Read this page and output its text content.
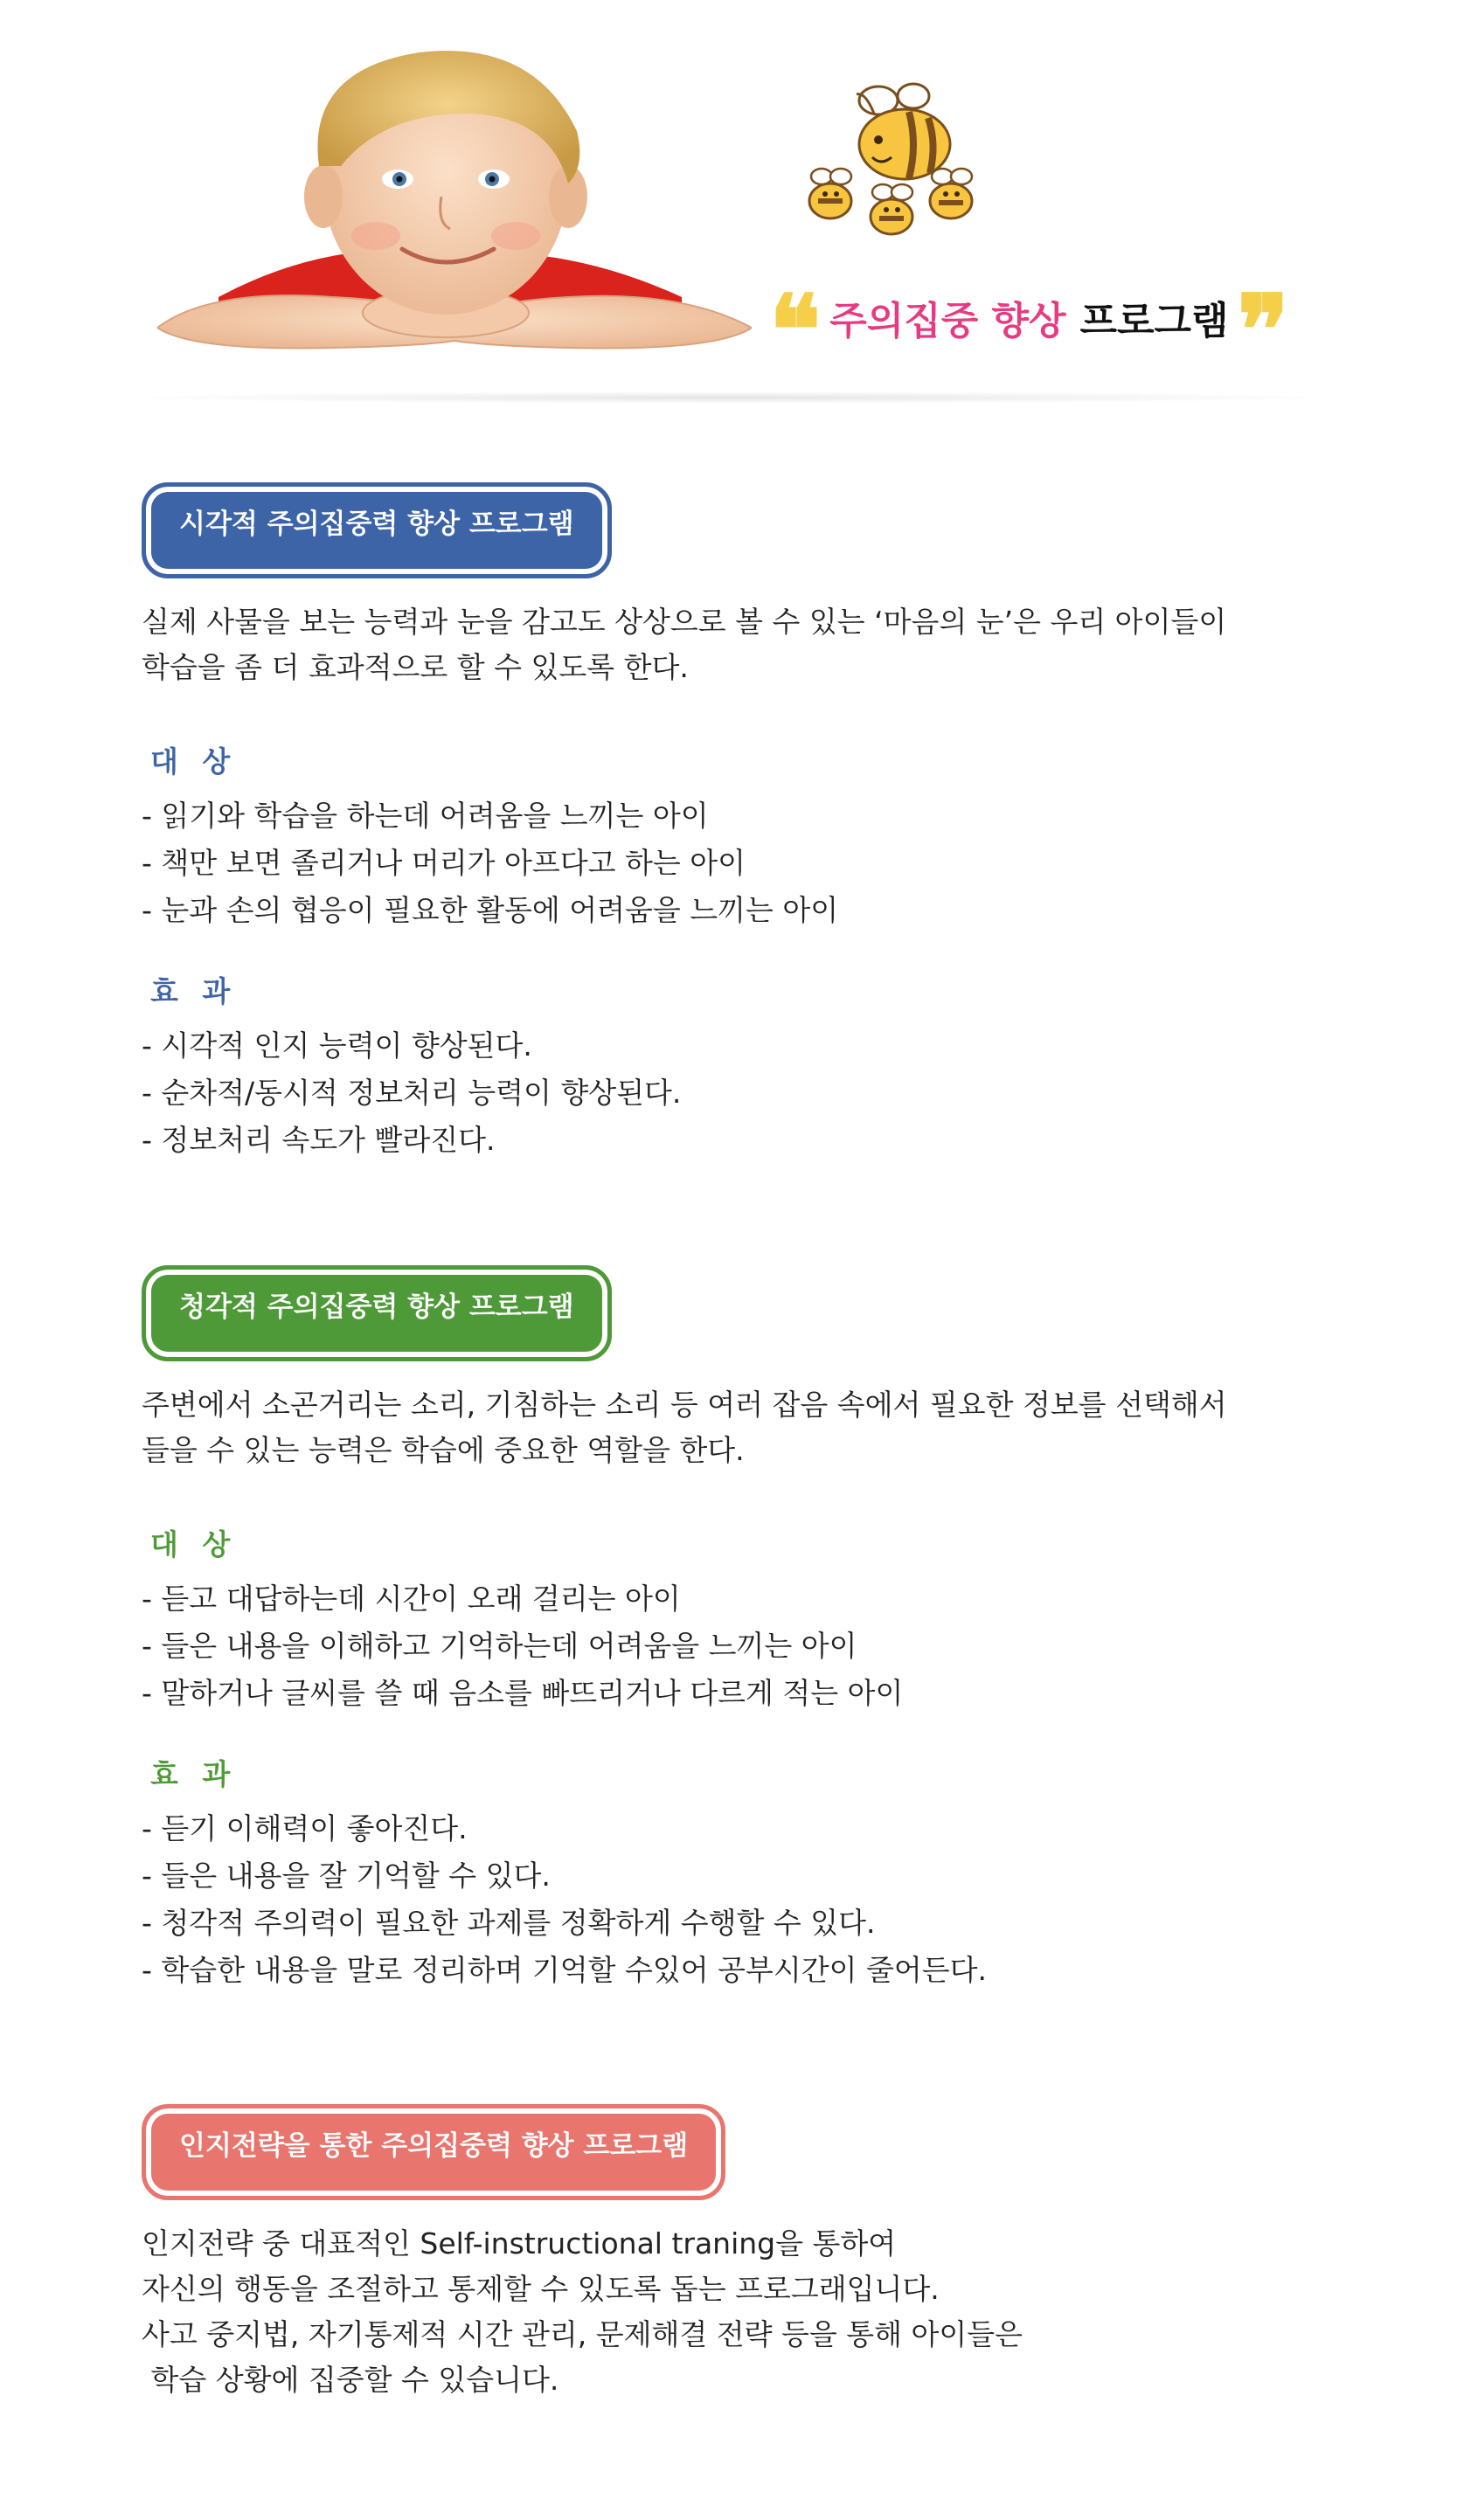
❝ 주의집중 향상 프로그램 ❞
시각적 주의집중력 향상 프로그램

실제 사물을 보는 능력과 눈을 감고도 상상으로 볼 수 있는 ‘마음의 눈’은 우리 아이들이

학습을 좀 더 효과적으로 할 수 있도록 한다.

대 상
- 읽기와 학습을 하는데 어려움을 느끼는 아이
- 책만 보면 졸리거나 머리가 아프다고 하는 아이
- 눈과 손의 협응이 필요한 활동에 어려움을 느끼는 아이
효 과
- 시각적 인지 능력이 향상된다.
- 순차적/동시적 정보처리 능력이 향상된다.
- 정보처리 속도가 빨라진다.
청각적 주의집중력 향상 프로그램

주변에서 소곤거리는 소리, 기침하는 소리 등 여러 잡음 속에서 필요한 정보를 선택해서

들을 수 있는 능력은 학습에 중요한 역할을 한다.

대 상
- 듣고 대답하는데 시간이 오래 걸리는 아이
- 들은 내용을 이해하고 기억하는데 어려움을 느끼는 아이
- 말하거나 글씨를 쓸 때 음소를 빠뜨리거나 다르게 적는 아이
효 과
- 듣기 이해력이 좋아진다.
- 들은 내용을 잘 기억할 수 있다.
- 청각적 주의력이 필요한 과제를 정확하게 수행할 수 있다.
- 학습한 내용을 말로 정리하며 기억할 수있어 공부시간이 줄어든다.
인지전략을 통한 주의집중력 향상 프로그램

인지전략 중 대표적인 Self-instructional traning을 통하여

자신의 행동을 조절하고 통제할 수 있도록 돕는 프로그래입니다.

사고 중지법, 자기통제적 시간 관리, 문제해결 전략 등을 통해 아이들은

학습 상황에 집중할 수 있습니다.
